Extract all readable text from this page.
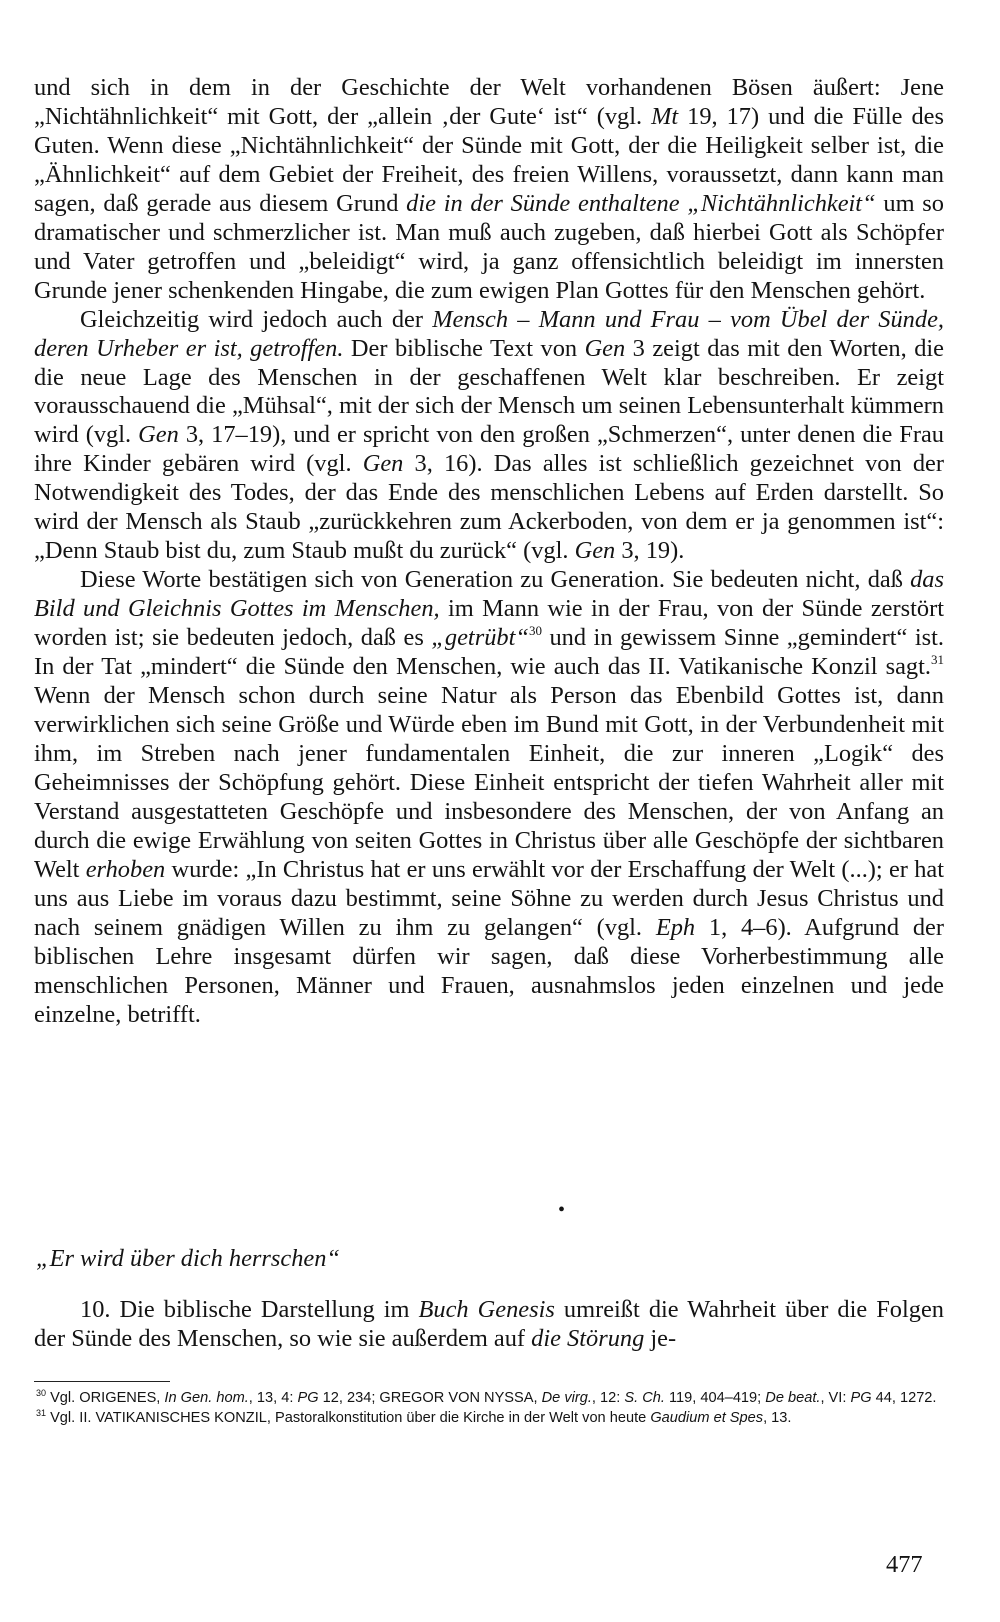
und sich in dem in der Geschichte der Welt vorhandenen Bösen äußert: Jene „Nichtähnlichkeit“ mit Gott, der „allein ‚der Gute‘ ist“ (vgl. Mt 19, 17) und die Fülle des Guten. Wenn diese „Nichtähnlichkeit“ der Sünde mit Gott, der die Heiligkeit selber ist, die „Ähnlichkeit“ auf dem Gebiet der Freiheit, des freien Willens, voraussetzt, dann kann man sagen, daß gerade aus diesem Grund die in der Sünde enthaltene „Nichtähnlichkeit“ um so dramatischer und schmerzlicher ist. Man muß auch zugeben, daß hierbei Gott als Schöpfer und Vater getroffen und „beleidigt“ wird, ja ganz offensichtlich beleidigt im innersten Grunde jener schenkenden Hingabe, die zum ewigen Plan Gottes für den Menschen gehört.

Gleichzeitig wird jedoch auch der Mensch – Mann und Frau – vom Übel der Sünde, deren Urheber er ist, getroffen. Der biblische Text von Gen 3 zeigt das mit den Worten, die die neue Lage des Menschen in der geschaffenen Welt klar beschreiben. Er zeigt vorausschauend die „Mühsal“, mit der sich der Mensch um seinen Lebensunterhalt kümmern wird (vgl. Gen 3, 17–19), und er spricht von den großen „Schmerzen“, unter denen die Frau ihre Kinder gebären wird (vgl. Gen 3, 16). Das alles ist schließlich gezeichnet von der Notwendigkeit des Todes, der das Ende des menschlichen Lebens auf Erden darstellt. So wird der Mensch als Staub „zurückkehren zum Ackerboden, von dem er ja genommen ist“: „Denn Staub bist du, zum Staub mußt du zurück“ (vgl. Gen 3, 19).

Diese Worte bestätigen sich von Generation zu Generation. Sie bedeuten nicht, daß das Bild und Gleichnis Gottes im Menschen, im Mann wie in der Frau, von der Sünde zerstört worden ist; sie bedeuten jedoch, daß es „getrübt“$^{30}$ und in gewissem Sinne „gemindert“ ist. In der Tat „mindert“ die Sünde den Menschen, wie auch das II. Vatikanische Konzil sagt.$^{31}$ Wenn der Mensch schon durch seine Natur als Person das Ebenbild Gottes ist, dann verwirklichen sich seine Größe und Würde eben im Bund mit Gott, in der Verbundenheit mit ihm, im Streben nach jener fundamentalen Einheit, die zur inneren „Logik“ des Geheimnisses der Schöpfung gehört. Diese Einheit entspricht der tiefen Wahrheit aller mit Verstand ausgestatteten Geschöpfe und insbesondere des Menschen, der von Anfang an durch die ewige Erwählung von seiten Gottes in Christus über alle Geschöpfe der sichtbaren Welt erhoben wurde: „In Christus hat er uns erwählt vor der Erschaffung der Welt (...); er hat uns aus Liebe im voraus dazu bestimmt, seine Söhne zu werden durch Jesus Christus und nach seinem gnädigen Willen zu ihm zu gelangen“ (vgl. Eph 1, 4–6). Aufgrund der biblischen Lehre insgesamt dürfen wir sagen, daß diese Vorherbestimmung alle menschlichen Personen, Männer und Frauen, ausnahmslos jeden einzelnen und jede einzelne, betrifft.

•
„Er wird über dich herrschen“

10. Die biblische Darstellung im Buch Genesis umreißt die Wahrheit über die Folgen der Sünde des Menschen, so wie sie außerdem auf die Störung je-

$^{30}$ Vgl. ORIGENES, In Gen. hom., 13, 4: PG 12, 234; GREGOR VON NYSSA, De virg., 12: S. Ch. 119, 404–419; De beat., VI: PG 44, 1272.

$^{31}$ Vgl. II. VATIKANISCHES KONZIL, Pastoralkonstitution über die Kirche in der Welt von heute Gaudium et Spes, 13.

477
